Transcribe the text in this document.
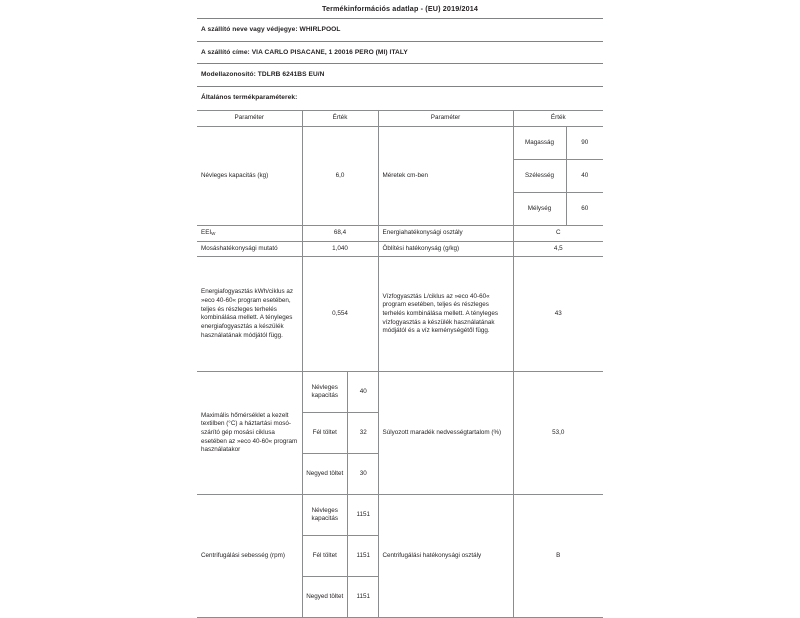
Termékinformációs adatlap - (EU) 2019/2014
A szállító neve vagy védjegye: WHIRLPOOL
A szállító címe: VIA CARLO PISACANE, 1 20016 PERO (MI) ITALY
Modellazonosító: TDLRB 6241BS EU/N
Általános termékparaméterek:
Paraméter	Érték	Paraméter	Érték
Névleges kapacitás (kg)	6,0	Méretek cm-ben	Magasság	90
Szélesség	40
Mélység	60
$EEI_W$	68,4	Energiahatékonysági osztály	C
Mosáshatékonysági mutató	1,040	Öblítési hatékonyság (g/kg)	4,5
Energiafogyasztás kWh/ciklus az »eco 40-60« program esetében, teljes és részleges terhelés kombinálása mellett. A tényleges energiafogyasztás a készülék használatának módjától függ.	0,554	Vízfogyasztás L/ciklus az »eco 40-60« program esetében, teljes és részleges terhelés kombinálása mellett. A tényleges vízfogyasztás a készülék használatának módjától és a víz keménységétől függ.	43
Maximális hőmérséklet a kezelt textilben (°C) a háztartási mosó-szárító gép mosási ciklusa esetében az »eco 40-60« program használatakor	
Névleges kapacitás	40
Fél töltet	32
Negyed töltet	30
	Súlyozott maradék nedvességtartalom (%)	53,0
Centrifugálási sebesség (rpm)	
Névleges kapacitás	1151
Fél töltet	1151
Negyed töltet	1151
	Centrifugálási hatékonysági osztály	B
